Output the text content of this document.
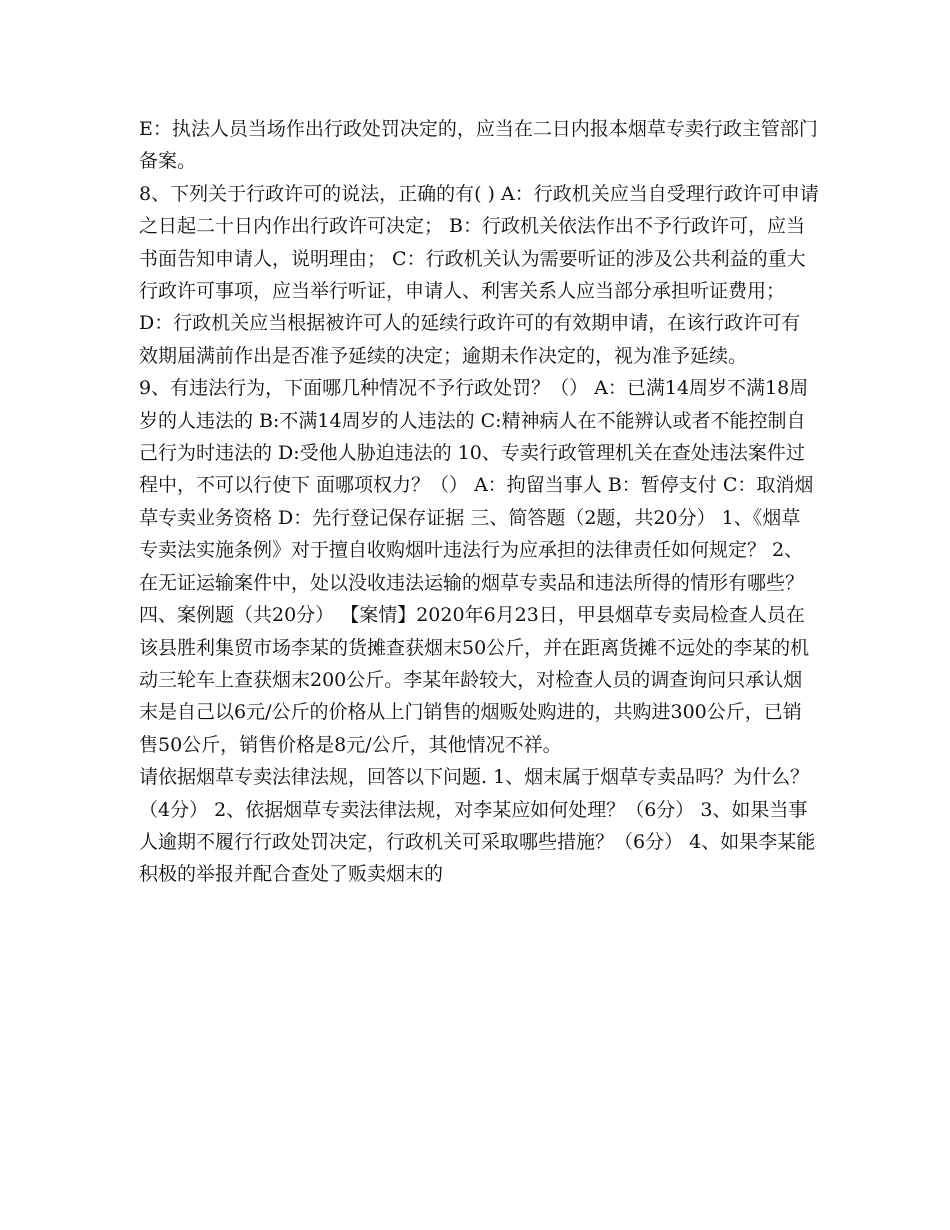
E：执法人员当场作出行政处罚决定的，应当在二日内报本烟草专卖行政主管部门备案。

8、下列关于行政许可的说法，正确的有( ) A：行政机关应当自受理行政许可申请之日起二十日内作出行政许可决定； B：行政机关依法作出不予行政许可，应当书面告知申请人，说明理由； C：行政机关认为需要听证的涉及公共利益的重大行政许可事项，应当举行听证，申请人、利害关系人应当部分承担听证费用； D：行政机关应当根据被许可人的延续行政许可的有效期申请，在该行政许可有效期届满前作出是否准予延续的决定；逾期未作决定的，视为准予延续。

9、有违法行为，下面哪几种情况不予行政处罚？（） A：已满14周岁不满18周岁的人违法的 B:不满14周岁的人违法的 C:精神病人在不能辨认或者不能控制自己行为时违法的 D:受他人胁迫违法的 10、专卖行政管理机关在查处违法案件过程中，不可以行使下 面哪项权力？（） A：拘留当事人 B：暂停支付 C：取消烟草专卖业务资格 D：先行登记保存证据 三、简答题（2题，共20分） 1、《烟草专卖法实施条例》对于擅自收购烟叶违法行为应承担的法律责任如何规定？ 2、在无证运输案件中，处以没收违法运输的烟草专卖品和违法所得的情形有哪些？四、案例题（共20分） 【案情】2020年6月23日，甲县烟草专卖局检查人员在该县胜利集贸市场李某的货摊查获烟末50公斤，并在距离货摊不远处的李某的机动三轮车上查获烟末200公斤。李某年龄较大，对检查人员的调查询问只承认烟末是自己以6元/公斤的价格从上门销售的烟贩处购进的，共购进300公斤，已销售50公斤，销售价格是8元/公斤，其他情况不祥。

请依据烟草专卖法律法规，回答以下问题. 1、烟末属于烟草专卖品吗？为什么？（4分） 2、依据烟草专卖法律法规，对李某应如何处理？（6分） 3、如果当事人逾期不履行行政处罚决定，行政机关可采取哪些措施？（6分） 4、如果李某能积极的举报并配合查处了贩卖烟末的
